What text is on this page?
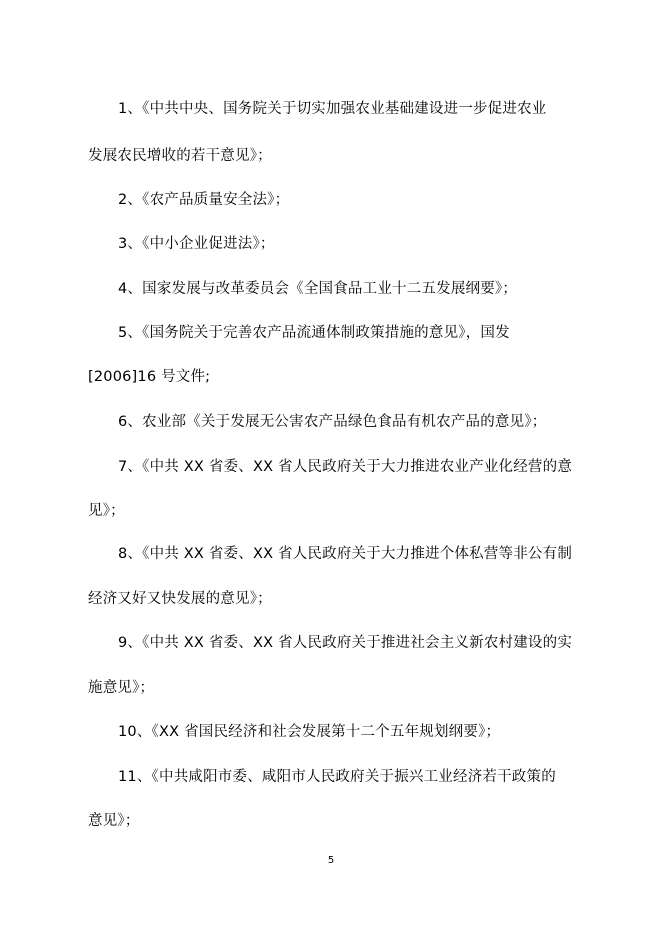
1、《中共中央、国务院关于切实加强农业基础建设进一步促进农业
发展农民增收的若干意见》；
2、《农产品质量安全法》；
3、《中小企业促进法》；
4、国家发展与改革委员会《全国食品工业十二五发展纲要》；
5、《国务院关于完善农产品流通体制政策措施的意见》，国发
[2006]16 号文件;
6、农业部《关于发展无公害农产品绿色食品有机农产品的意见》；
7、《中共 XX 省委、XX 省人民政府关于大力推进农业产业化经营的意
见》；
8、《中共 XX 省委、XX 省人民政府关于大力推进个体私营等非公有制
经济又好又快发展的意见》；
9、《中共 XX 省委、XX 省人民政府关于推进社会主义新农村建设的实
施意见》；
10、《XX 省国民经济和社会发展第十二个五年规划纲要》；
11、《中共咸阳市委、咸阳市人民政府关于振兴工业经济若干政策的
意见》；
5
